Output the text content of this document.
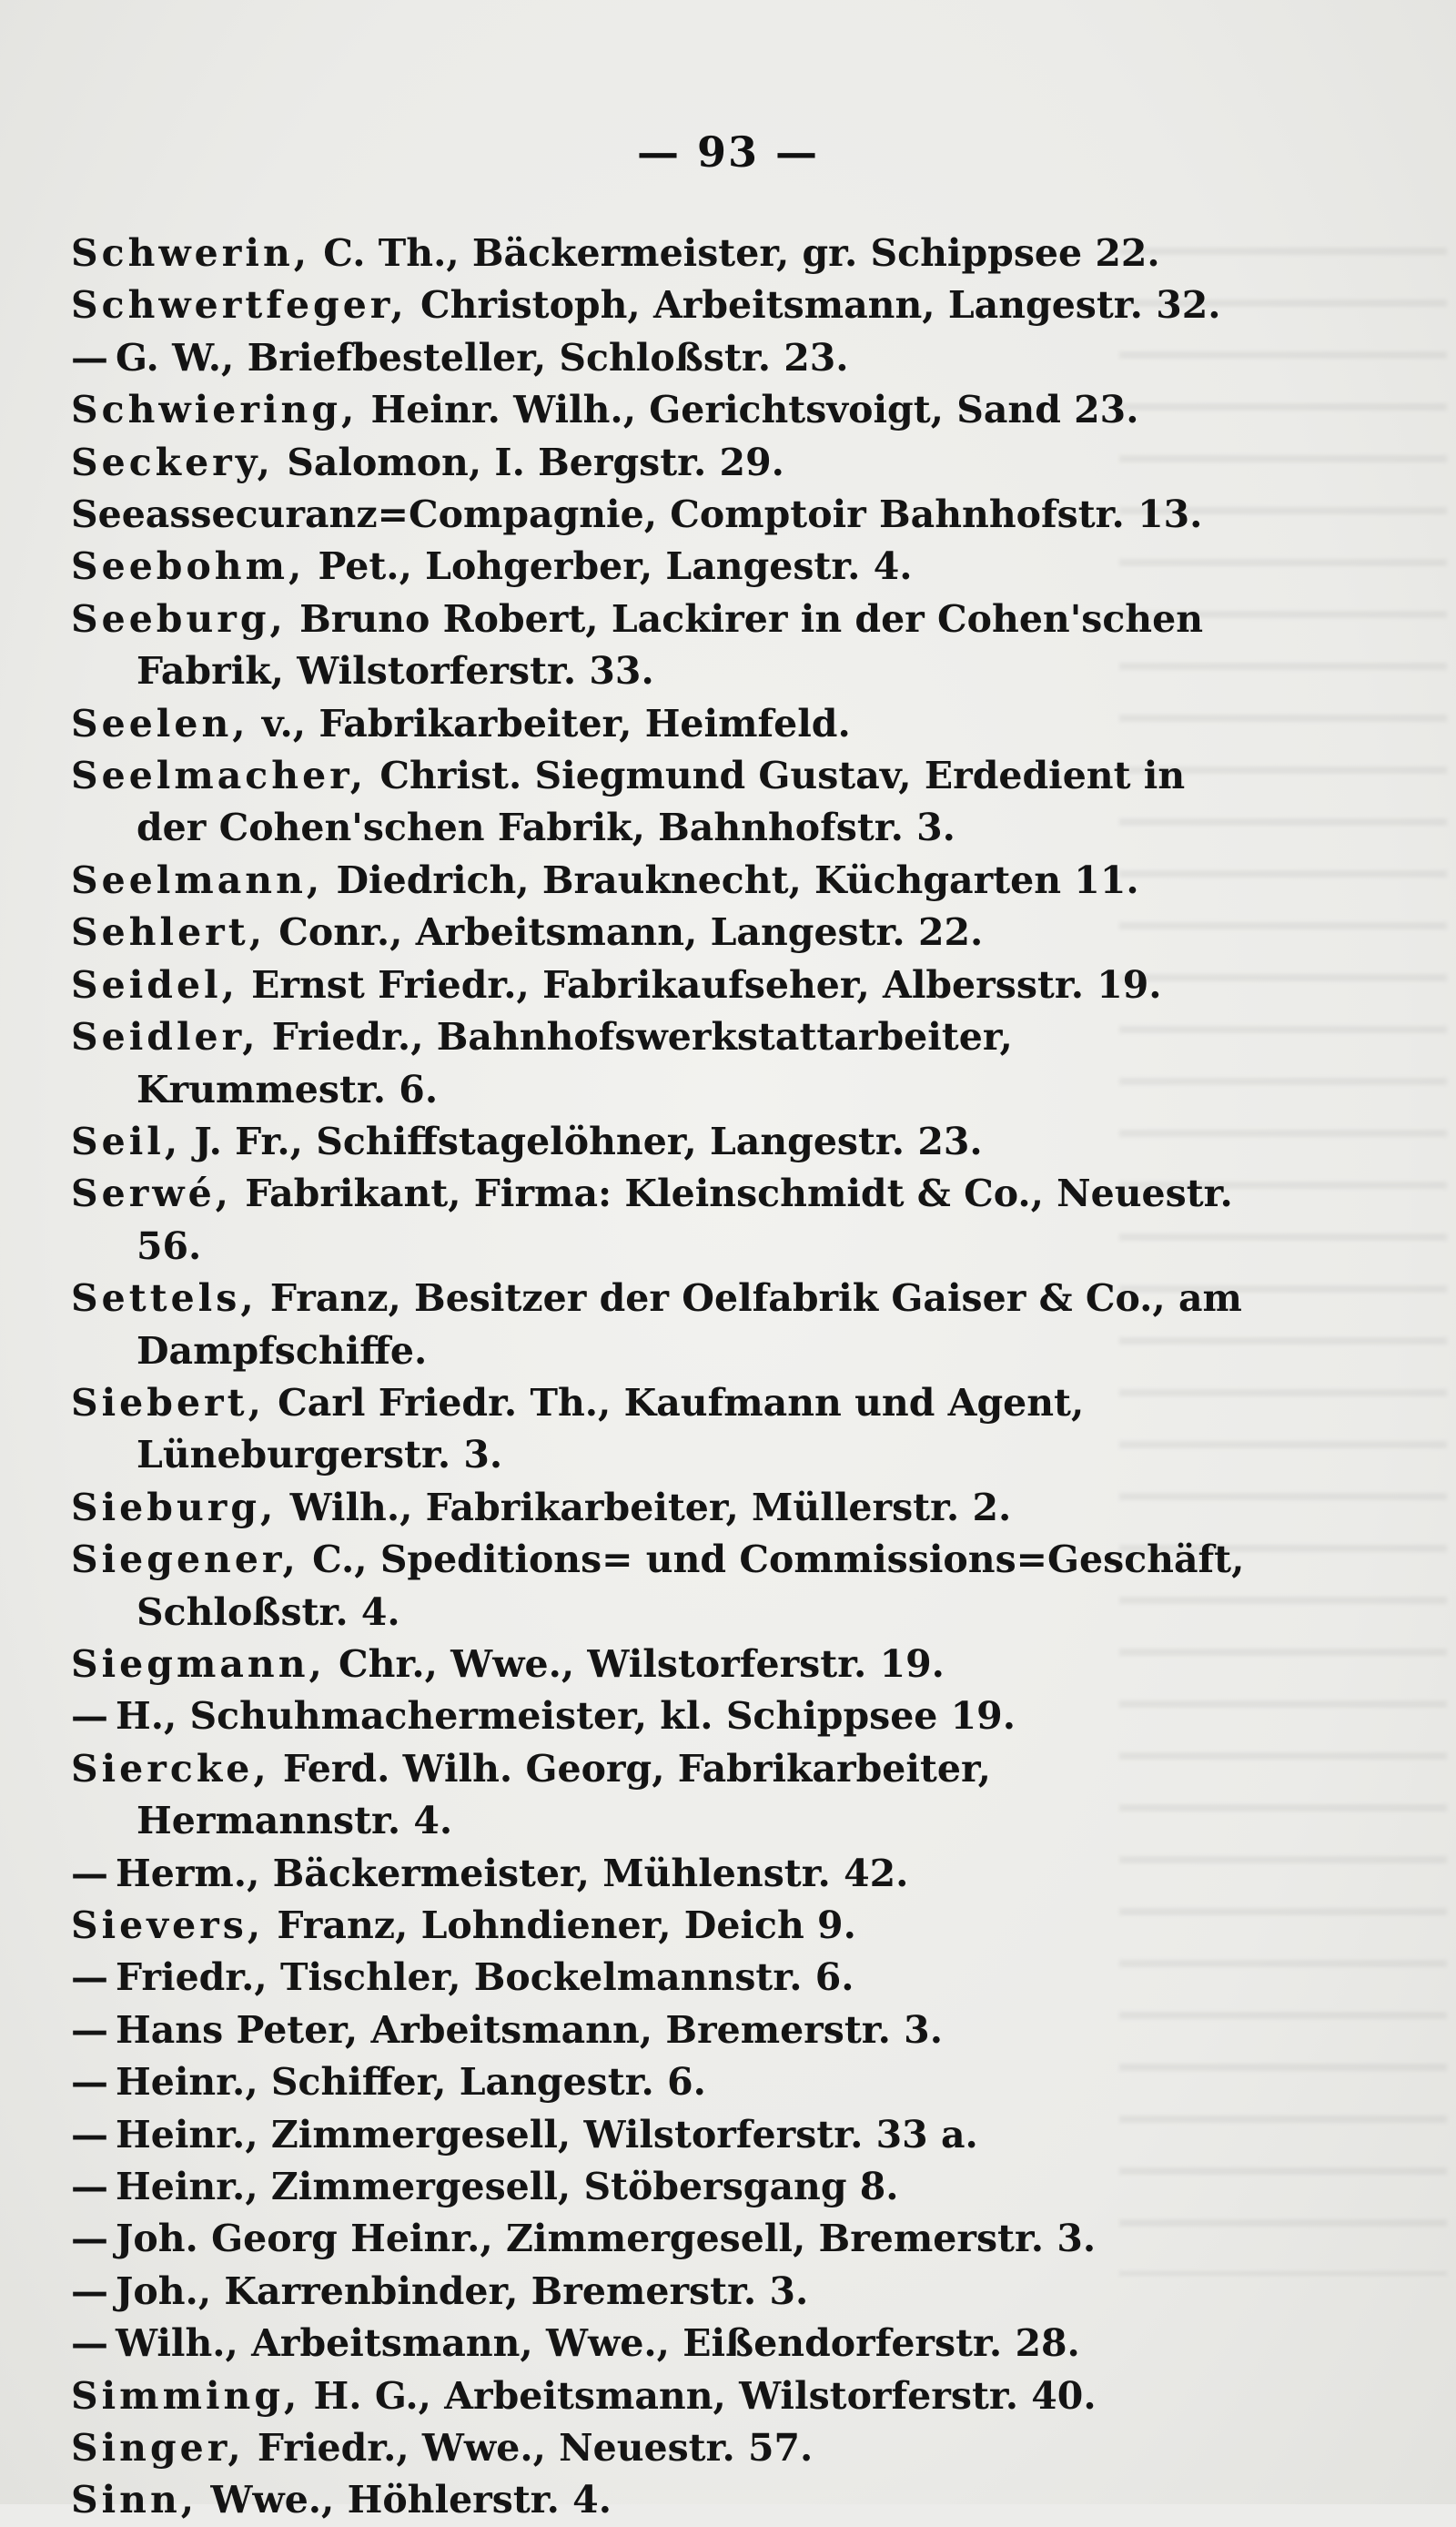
— 93 —

Schwerin, C. Th., Bäckermeister, gr. Schippsee 22.

Schwertfeger, Christoph, Arbeitsmann, Langestr. 32.

— G. W., Briefbesteller, Schloßstr. 23.

Schwiering, Heinr. Wilh., Gerichtsvoigt, Sand 23.

Seckery, Salomon, I. Bergstr. 29.

Seeassecuranz=Compagnie, Comptoir Bahnhofstr. 13.

Seebohm, Pet., Lohgerber, Langestr. 4.

Seeburg, Bruno Robert, Lackirer in der Cohen'schen Fabrik, Wilstorferstr. 33.

Seelen, v., Fabrikarbeiter, Heimfeld.

Seelmacher, Christ. Siegmund Gustav, Erdedient in der Cohen'schen Fabrik, Bahnhofstr. 3.

Seelmann, Diedrich, Brauknecht, Küchgarten 11.

Sehlert, Conr., Arbeitsmann, Langestr. 22.

Seidel, Ernst Friedr., Fabrikaufseher, Albersstr. 19.

Seidler, Friedr., Bahnhofswerkstattarbeiter, Krummestr. 6.

Seil, J. Fr., Schiffstagelöhner, Langestr. 23.

Serwé, Fabrikant, Firma: Kleinschmidt & Co., Neuestr. 56.

Settels, Franz, Besitzer der Oelfabrik Gaiser & Co., am Dampfschiffe.

Siebert, Carl Friedr. Th., Kaufmann und Agent, Lüneburgerstr. 3.

Sieburg, Wilh., Fabrikarbeiter, Müllerstr. 2.

Siegener, C., Speditions= und Commissions=Geschäft, Schloßstr. 4.

Siegmann, Chr., Wwe., Wilstorferstr. 19.

— H., Schuhmachermeister, kl. Schippsee 19.

Siercke, Ferd. Wilh. Georg, Fabrikarbeiter, Hermannstr. 4.

— Herm., Bäckermeister, Mühlenstr. 42.

Sievers, Franz, Lohndiener, Deich 9.

— Friedr., Tischler, Bockelmannstr. 6.

— Hans Peter, Arbeitsmann, Bremerstr. 3.

— Heinr., Schiffer, Langestr. 6.

— Heinr., Zimmergesell, Wilstorferstr. 33 a.

— Heinr., Zimmergesell, Stöbersgang 8.

— Joh. Georg Heinr., Zimmergesell, Bremerstr. 3.

— Joh., Karrenbinder, Bremerstr. 3.

— Wilh., Arbeitsmann, Wwe., Eißendorferstr. 28.

Simming, H. G., Arbeitsmann, Wilstorferstr. 40.

Singer, Friedr., Wwe., Neuestr. 57.

Sinn, Wwe., Höhlerstr. 4.
